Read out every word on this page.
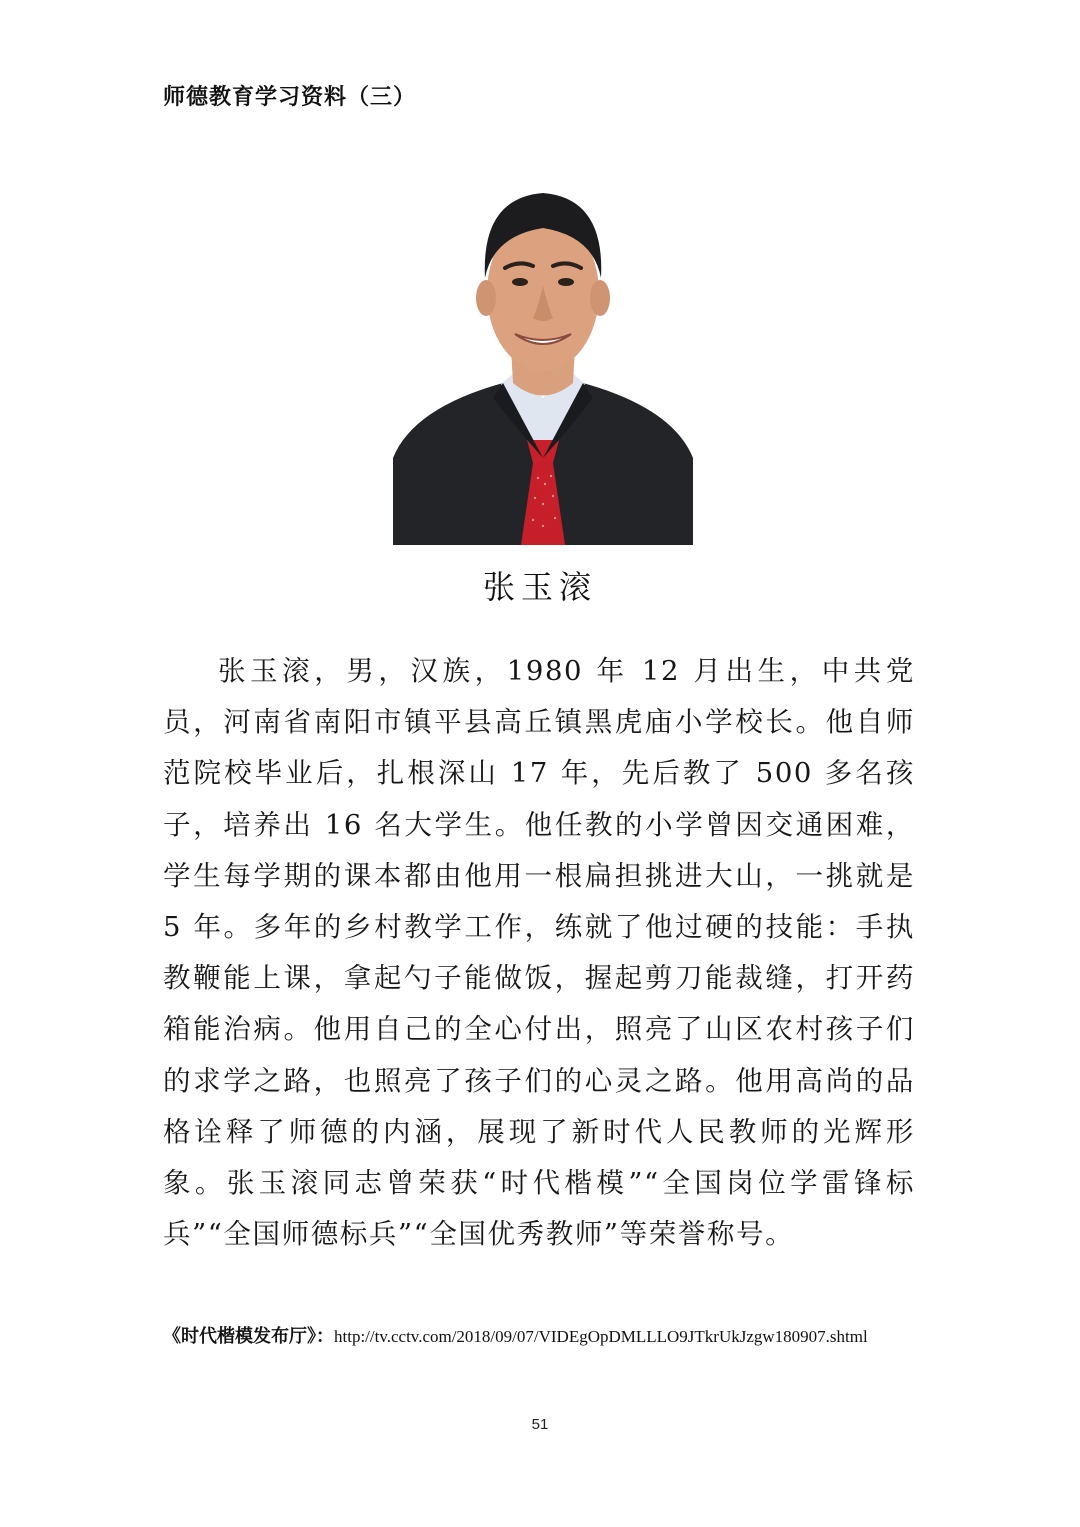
师德教育学习资料（三）
张玉滚
张玉滚，男，汉族，1980 年 12 月出生，中共党员，河南省南阳市镇平县高丘镇黑虎庙小学校长。他自师范院校毕业后，扎根深山 17 年，先后教了 500 多名孩子，培养出 16 名大学生。他任教的小学曾因交通困难，学生每学期的课本都由他用一根扁担挑进大山，一挑就是 5 年。多年的乡村教学工作，练就了他过硬的技能：手执教鞭能上课，拿起勺子能做饭，握起剪刀能裁缝，打开药箱能治病。他用自己的全心付出，照亮了山区农村孩子们的求学之路，也照亮了孩子们的心灵之路。他用高尚的品格诠释了师德的内涵，展现了新时代人民教师的光辉形象。张玉滚同志曾荣获“时代楷模”“全国岗位学雷锋标兵”“全国师德标兵”“全国优秀教师”等荣誉称号。
《时代楷模发布厅》：http://tv.cctv.com/2018/09/07/VIDEgOpDMLLLO9JTkrUkJzgw180907.shtml
51
